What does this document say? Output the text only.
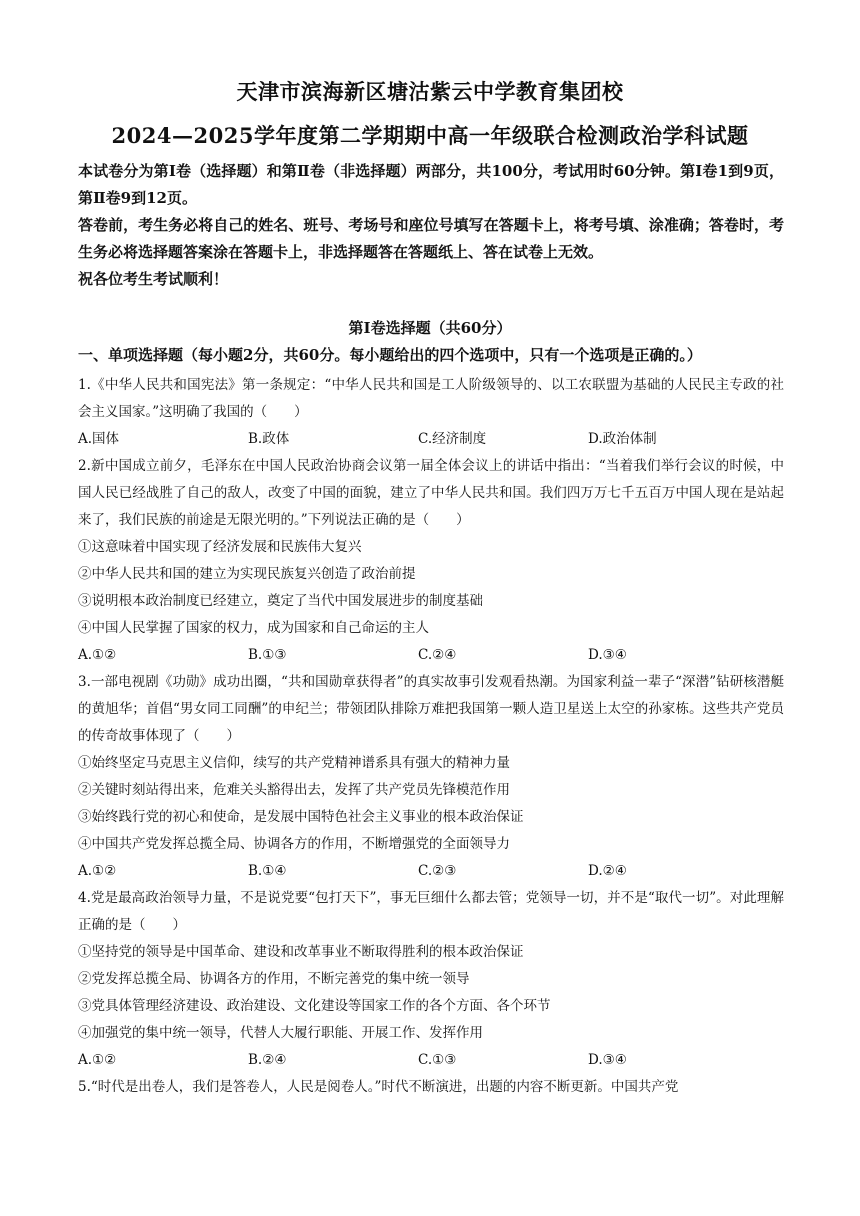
天津市滨海新区塘沽紫云中学教育集团校
2024—2025学年度第二学期期中高一年级联合检测政治学科试题

本试卷分为第Ⅰ卷（选择题）和第Ⅱ卷（非选择题）两部分，共100分，考试用时60分钟。第Ⅰ卷1到9页，第Ⅱ卷9到12页。

答卷前，考生务必将自己的姓名、班号、考场号和座位号填写在答题卡上，将考号填、涂准确；答卷时，考生务必将选择题答案涂在答题卡上，非选择题答在答题纸上、答在试卷上无效。

祝各位考生考试顺利！

第Ⅰ卷选择题（共60分）
一、单项选择题（每小题2分，共60分。每小题给出的四个选项中，只有一个选项是正确的。）

1.《中华人民共和国宪法》第一条规定：“中华人民共和国是工人阶级领导的、以工农联盟为基础的人民民主专政的社会主义国家。”这明确了我国的（　　）

A.国体	B.政体	C.经济制度	D.政治体制

2.新中国成立前夕，毛泽东在中国人民政治协商会议第一届全体会议上的讲话中指出：“当着我们举行会议的时候，中国人民已经战胜了自己的敌人，改变了中国的面貌，建立了中华人民共和国。我们四万万七千五百万中国人现在是站起来了，我们民族的前途是无限光明的。”下列说法正确的是（　　）

①这意味着中国实现了经济发展和民族伟大复兴

②中华人民共和国的建立为实现民族复兴创造了政治前提

③说明根本政治制度已经建立，奠定了当代中国发展进步的制度基础

④中国人民掌握了国家的权力，成为国家和自己命运的主人

A.①②	B.①③	C.②④	D.③④

3.一部电视剧《功勋》成功出圈，“共和国勋章获得者”的真实故事引发观看热潮。为国家利益一辈子“深潜”钻研核潜艇的黄旭华；首倡“男女同工同酬”的申纪兰；带领团队排除万难把我国第一颗人造卫星送上太空的孙家栋。这些共产党员的传奇故事体现了（　　）

①始终坚定马克思主义信仰，续写的共产党精神谱系具有强大的精神力量

②关键时刻站得出来，危难关头豁得出去，发挥了共产党员先锋模范作用

③始终践行党的初心和使命，是发展中国特色社会主义事业的根本政治保证

④中国共产党发挥总揽全局、协调各方的作用，不断增强党的全面领导力

A.①②	B.①④	C.②③	D.②④

4.党是最高政治领导力量，不是说党要“包打天下”，事无巨细什么都去管；党领导一切，并不是“取代一切”。对此理解正确的是（　　）

①坚持党的领导是中国革命、建设和改革事业不断取得胜利的根本政治保证

②党发挥总揽全局、协调各方的作用，不断完善党的集中统一领导

③党具体管理经济建设、政治建设、文化建设等国家工作的各个方面、各个环节

④加强党的集中统一领导，代替人大履行职能、开展工作、发挥作用

A.①②	B.②④	C.①③	D.③④

5.“时代是出卷人，我们是答卷人，人民是阅卷人。”时代不断演进，出题的内容不断更新。中国共产党
